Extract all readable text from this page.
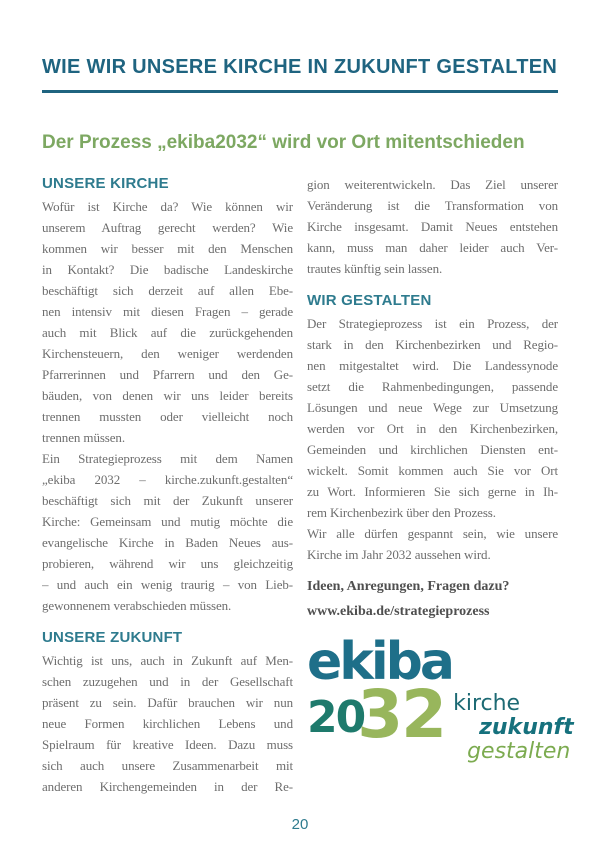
WIE WIR UNSERE KIRCHE IN ZUKUNFT GESTALTEN
Der Prozess „ekiba2032“ wird vor Ort mitentschieden
UNSERE KIRCHE
Wofür ist Kirche da? Wie können wir
unserem Auftrag gerecht werden? Wie
kommen wir besser mit den Menschen
in Kontakt? Die badische Landeskirche
beschäftigt sich derzeit auf allen Ebe-
nen intensiv mit diesen Fragen – gerade
auch mit Blick auf die zurückgehenden
Kirchensteuern, den weniger werdenden
Pfarrerinnen und Pfarrern und den Ge-
bäuden, von denen wir uns leider bereits
trennen mussten oder vielleicht noch
trennen müssen.
Ein Strategieprozess mit dem Namen
„ekiba 2032 – kirche.zukunft.gestalten“
beschäftigt sich mit der Zukunft unserer
Kirche: Gemeinsam und mutig möchte die
evangelische Kirche in Baden Neues aus-
probieren, während wir uns gleichzeitig
– und auch ein wenig traurig – von Lieb-
gewonnenem verabschieden müssen.
UNSERE ZUKUNFT
Wichtig ist uns, auch in Zukunft auf Men-
schen zuzugehen und in der Gesellschaft
präsent zu sein. Dafür brauchen wir nun
neue Formen kirchlichen Lebens und
Spielraum für kreative Ideen. Dazu muss
sich auch unsere Zusammenarbeit mit
anderen Kirchengemeinden in der Re-
gion weiterentwickeln. Das Ziel unserer
Veränderung ist die Transformation von
Kirche insgesamt. Damit Neues entstehen
kann, muss man daher leider auch Ver-
trautes künftig sein lassen.
WIR GESTALTEN
Der Strategieprozess ist ein Prozess, der
stark in den Kirchenbezirken und Regio-
nen mitgestaltet wird. Die Landessynode
setzt die Rahmenbedingungen, passende
Lösungen und neue Wege zur Umsetzung
werden vor Ort in den Kirchenbezirken,
Gemeinden und kirchlichen Diensten ent-
wickelt. Somit kommen auch Sie vor Ort
zu Wort. Informieren Sie sich gerne in Ih-
rem Kirchenbezirk über den Prozess.
Wir alle dürfen gespannt sein, wie unsere
Kirche im Jahr 2032 aussehen wird.
Ideen, Anregungen, Fragen dazu?
www.ekiba.de/strategieprozess
ekiba
20
32 kirche
zukunft
gestalten
20
